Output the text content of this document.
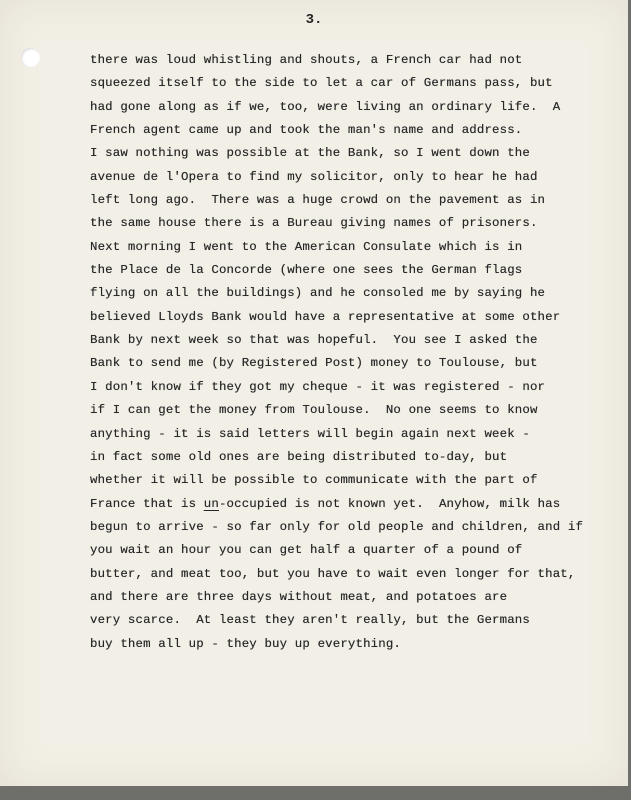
3.
there was loud whistling and shouts, a French car had not
squeezed itself to the side to let a car of Germans pass, but
had gone along as if we, too, were living an ordinary life.  A
French agent came up and took the man's name and address.
I saw nothing was possible at the Bank, so I went down the
avenue de l'Opera to find my solicitor, only to hear he had
left long ago.  There was a huge crowd on the pavement as in
the same house there is a Bureau giving names of prisoners.
Next morning I went to the American Consulate which is in
the Place de la Concorde (where one sees the German flags
flying on all the buildings) and he consoled me by saying he
believed Lloyds Bank would have a representative at some other
Bank by next week so that was hopeful.  You see I asked the
Bank to send me (by Registered Post) money to Toulouse, but
I don't know if they got my cheque - it was registered - nor
if I can get the money from Toulouse.  No one seems to know
anything - it is said letters will begin again next week -
in fact some old ones are being distributed to-day, but
whether it will be possible to communicate with the part of
France that is un-occupied is not known yet.  Anyhow, milk has
begun to arrive - so far only for old people and children, and if
you wait an hour you can get half a quarter of a pound of
butter, and meat too, but you have to wait even longer for that,
and there are three days without meat, and potatoes are
very scarce.  At least they aren't really, but the Germans
buy them all up - they buy up everything.
